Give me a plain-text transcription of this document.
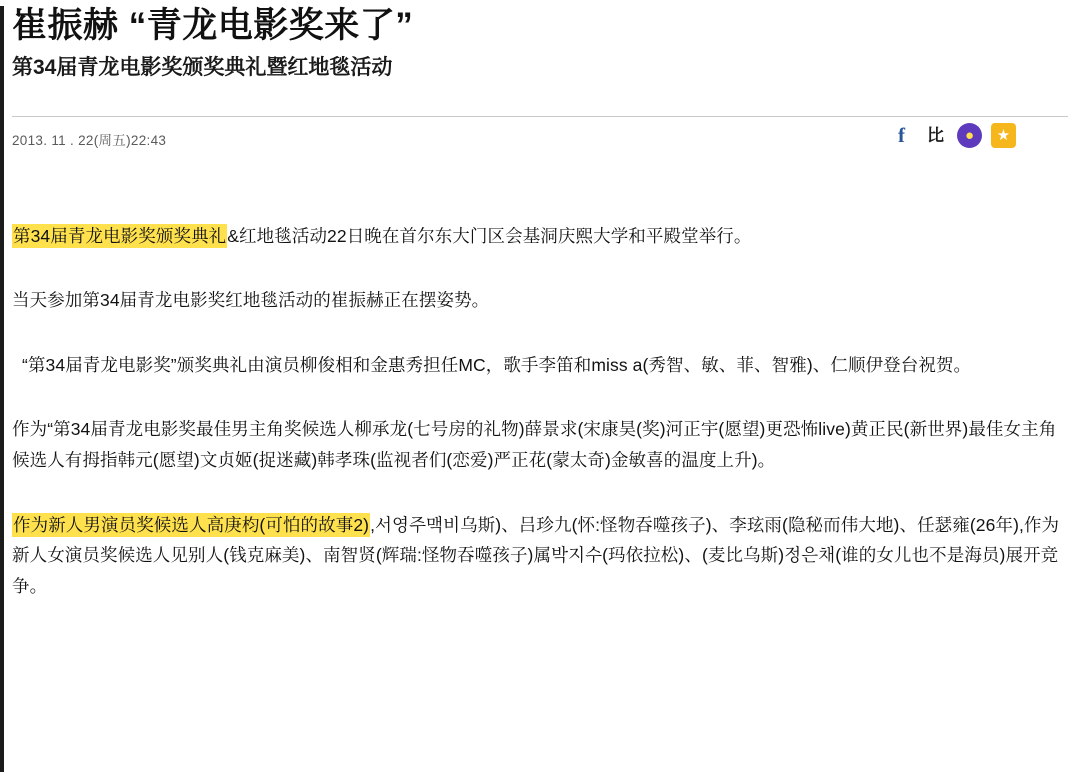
崔振赫 “青龙电影奖来了”
第34届青龙电影奖颁奖典礼暨红地毯活动
2013. 11 . 22(周五)22:43	f	比	●	★

第34届青龙电影奖颁奖典礼&红地毯活动22日晚在首尔东大门区会基洞庆熙大学和平殿堂举行。

当天参加第34届青龙电影奖红地毯活动的崔振赫正在摆姿势。

“第34届青龙电影奖”颁奖典礼由演员柳俊相和金惠秀担任MC，歌手李笛和miss a(秀智、敏、菲、智雅)、仁顺伊登台祝贺。

作为“第34届青龙电影奖最佳男主角奖候选人柳承龙(七号房的礼物)薛景求(宋康昊(奖)河正宇(愿望)更恐怖live)黄正民(新世界)最佳女主角候选人有拇指韩元(愿望)文贞姬(捉迷藏)韩孝珠(监视者们(恋爱)严正花(蒙太奇)金敏喜的温度上升)。

作为新人男演员奖候选人高庚枃(可怕的故事2),서영주맥비乌斯)、吕珍九(怀:怪物吞噬孩子)、李玹雨(隐秘而伟大地)、任瑟雍(26年),作为新人女演员奖候选人见别人(钱克麻美)、南智贤(辉瑞:怪物吞噬孩子)属박지수(玛依拉松)、(麦比乌斯)정은채(谁的女儿也不是海员)展开竞争。
